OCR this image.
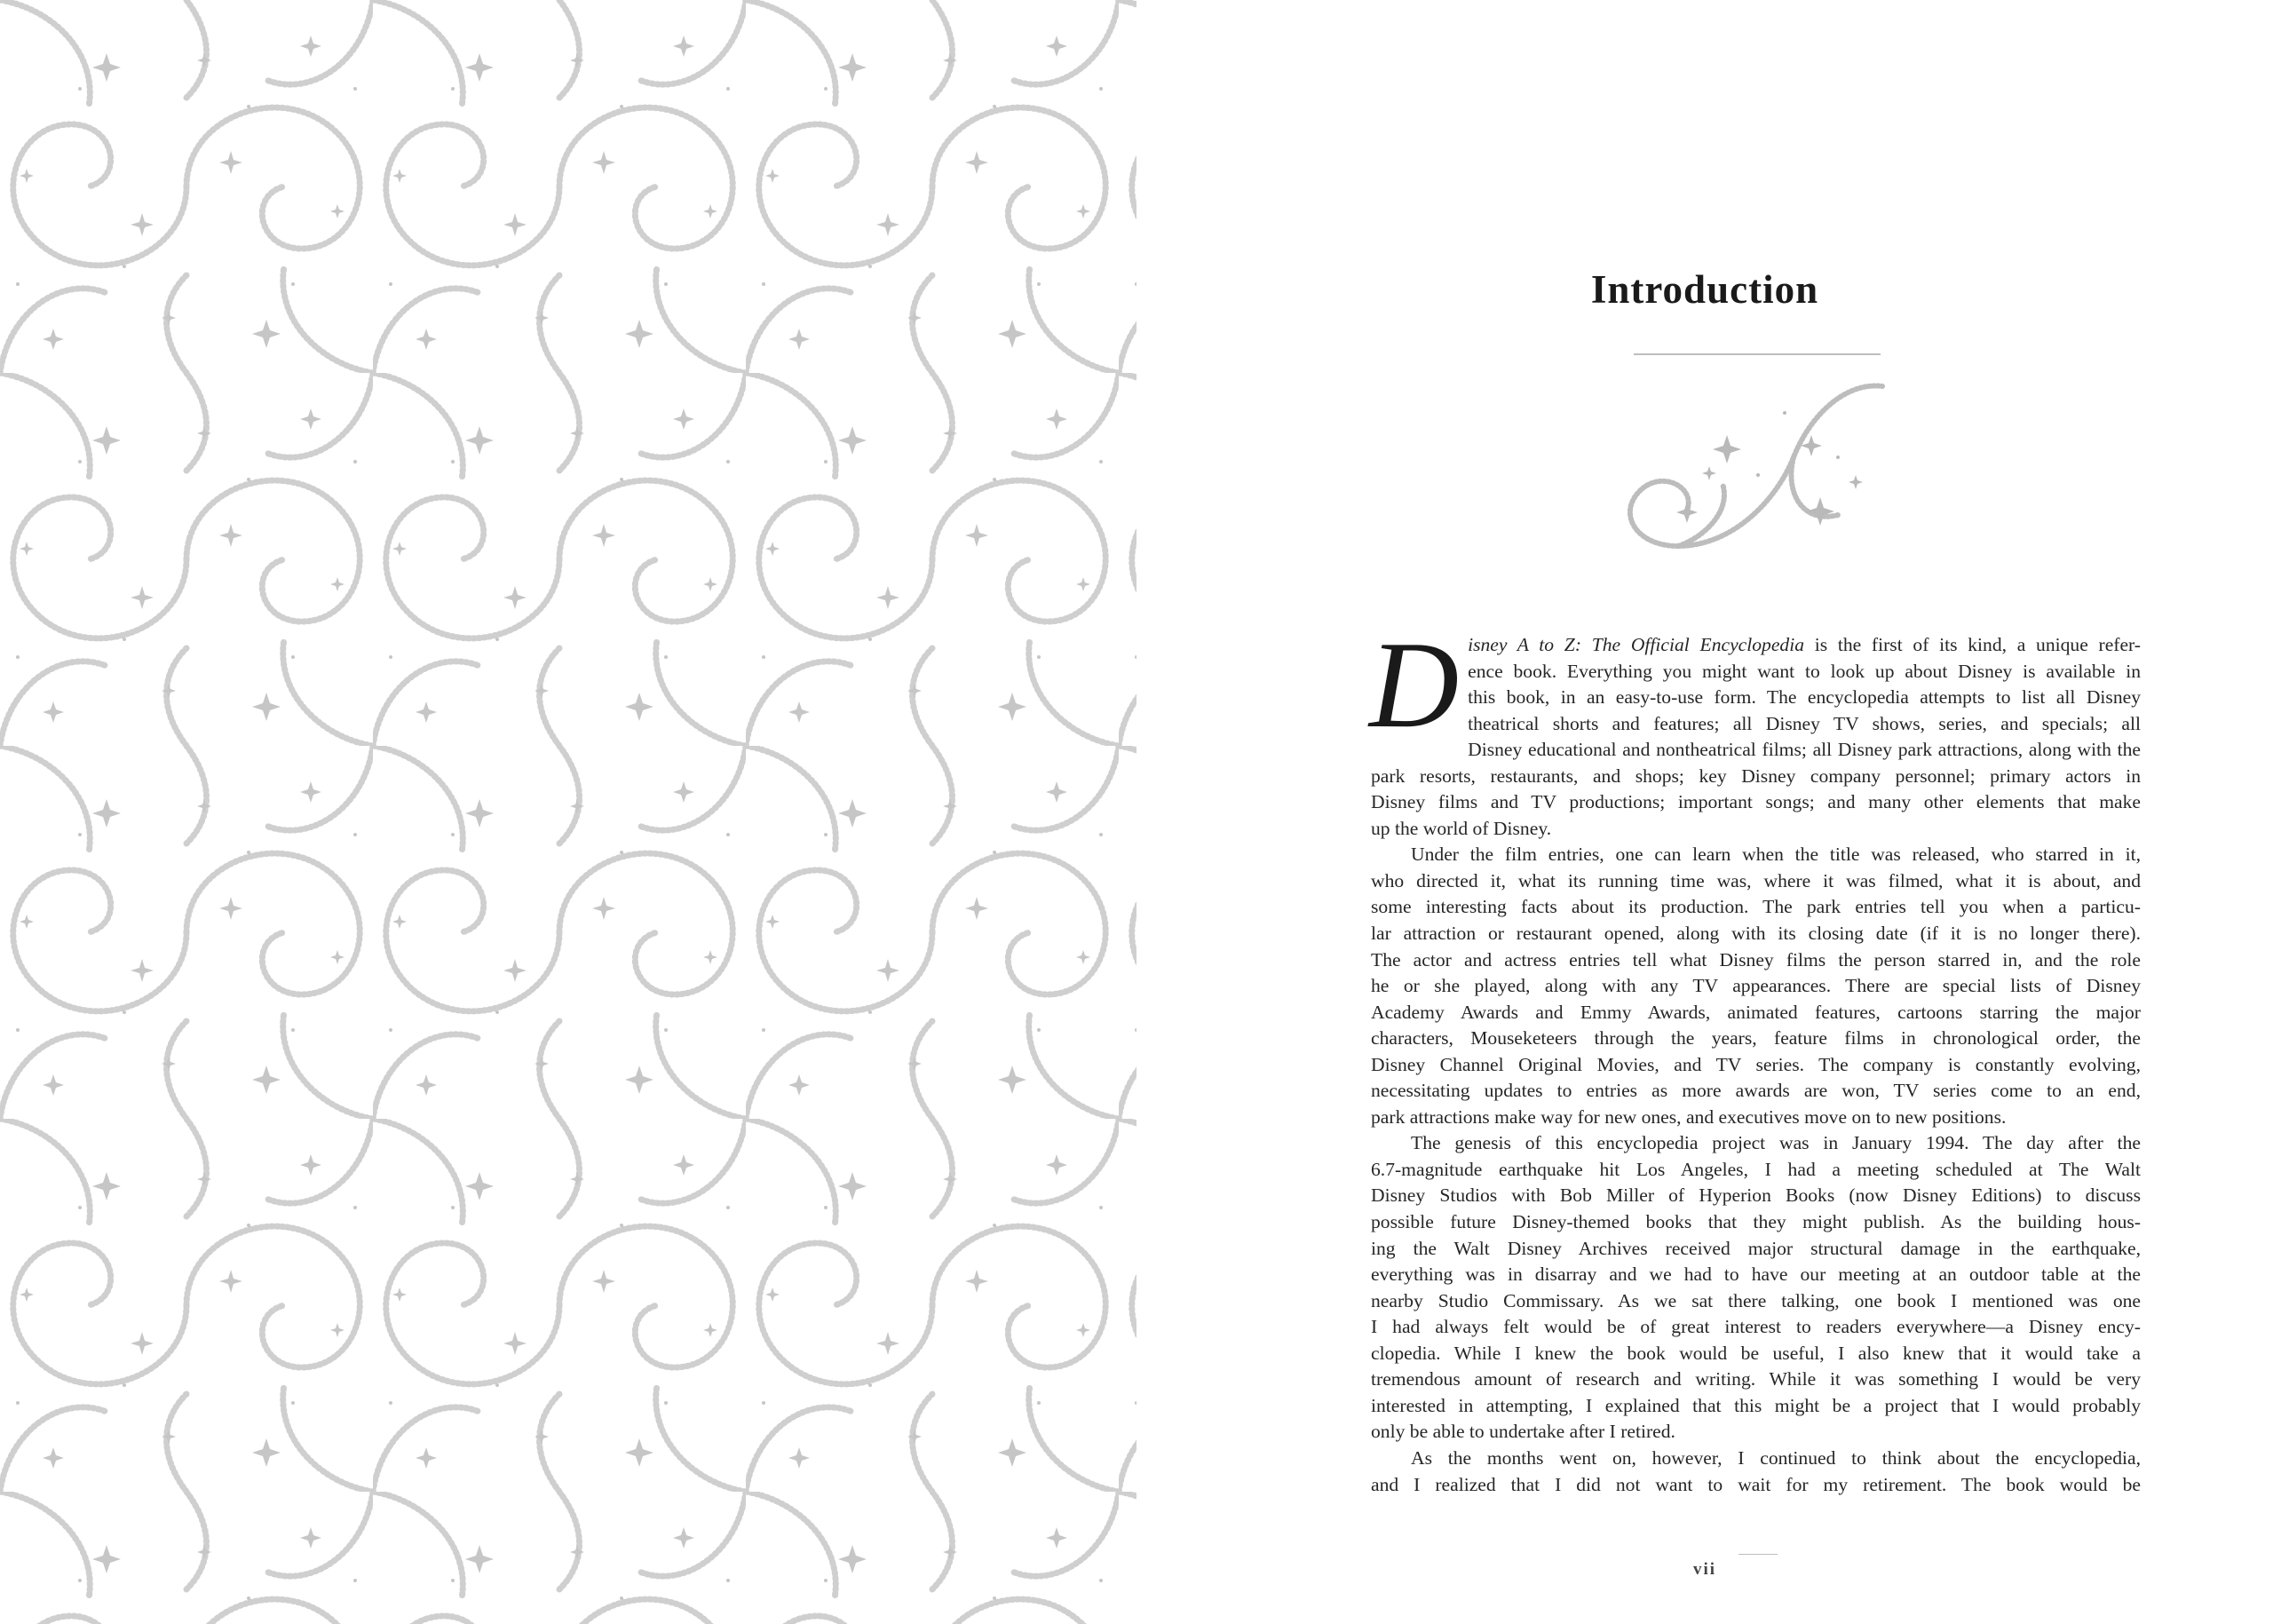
Introduction

Disney A to Z: The Official Encyclopedia is the first of its kind, a unique refer-
ence book. Everything you might want to look up about Disney is available in
this book, in an easy-to-use form. The encyclopedia attempts to list all Disney
theatrical shorts and features; all Disney TV shows, series, and specials; all
Disney educational and nontheatrical films; all Disney park attractions, along with the
park resorts, restaurants, and shops; key Disney company personnel; primary actors in
Disney films and TV productions; important songs; and many other elements that make

up the world of Disney.

Under the film entries, one can learn when the title was released, who starred in it,

who directed it, what its running time was, where it was filmed, what it is about, and

some interesting facts about its production. The park entries tell you when a particu-

lar attraction or restaurant opened, along with its closing date (if it is no longer there).

The actor and actress entries tell what Disney films the person starred in, and the role

he or she played, along with any TV appearances. There are special lists of Disney

Academy Awards and Emmy Awards, animated features, cartoons starring the major

characters, Mouseketeers through the years, feature films in chronological order, the

Disney Channel Original Movies, and TV series. The company is constantly evolving,

necessitating updates to entries as more awards are won, TV series come to an end,

park attractions make way for new ones, and executives move on to new positions.

The genesis of this encyclopedia project was in January 1994. The day after the

6.7-magnitude earthquake hit Los Angeles, I had a meeting scheduled at The Walt

Disney Studios with Bob Miller of Hyperion Books (now Disney Editions) to discuss

possible future Disney-themed books that they might publish. As the building hous-

ing the Walt Disney Archives received major structural damage in the earthquake,

everything was in disarray and we had to have our meeting at an outdoor table at the

nearby Studio Commissary. As we sat there talking, one book I mentioned was one

I had always felt would be of great interest to readers everywhere—a Disney ency-

clopedia. While I knew the book would be useful, I also knew that it would take a

tremendous amount of research and writing. While it was something I would be very

interested in attempting, I explained that this might be a project that I would probably

only be able to undertake after I retired.

As the months went on, however, I continued to think about the encyclopedia,

and I realized that I did not want to wait for my retirement. The book would be

vii
